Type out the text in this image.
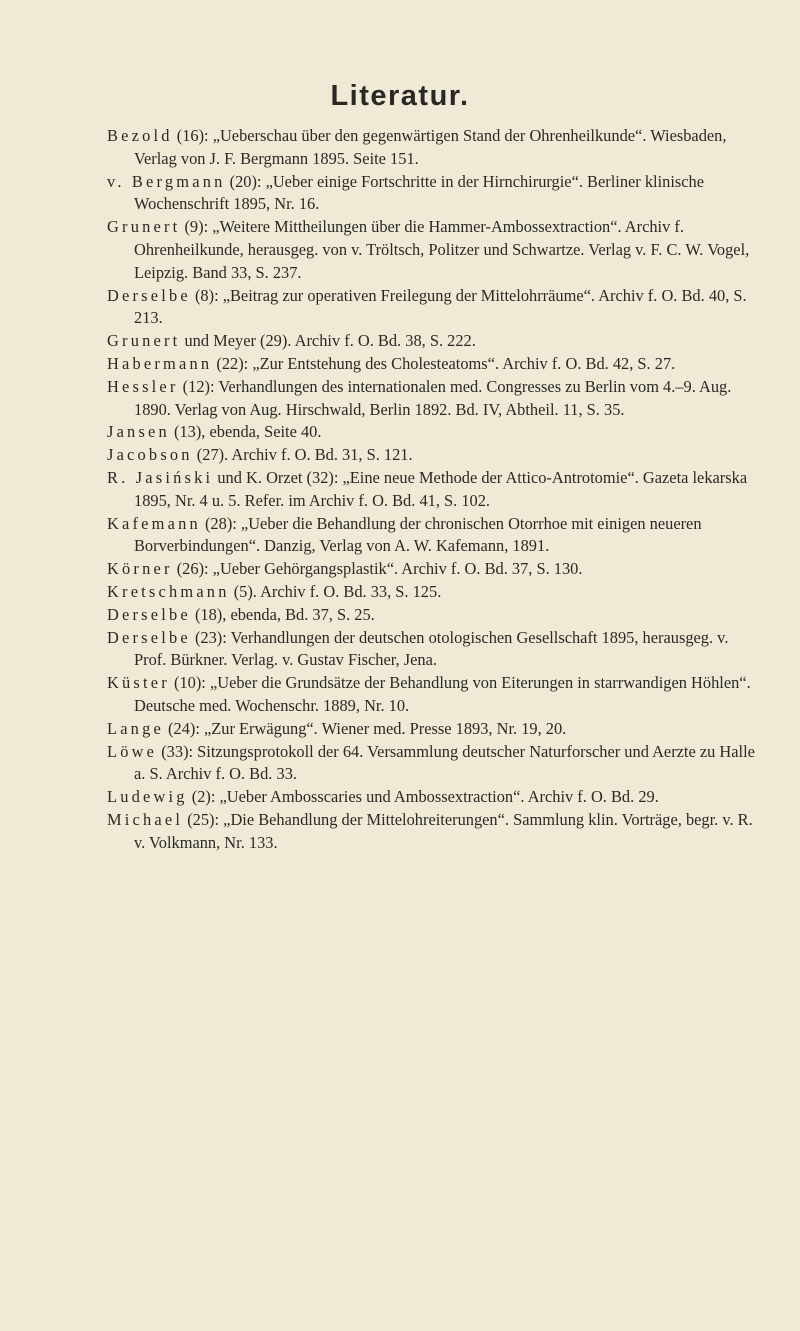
Literatur.

Bezold (16): „Ueberschau über den gegenwärtigen Stand der Ohrenheilkunde“. Wiesbaden, Verlag von J. F. Bergmann 1895. Seite 151.

v. Bergmann (20): „Ueber einige Fortschritte in der Hirnchirurgie“. Berliner klinische Wochenschrift 1895, Nr. 16.

Grunert (9): „Weitere Mittheilungen über die Hammer-Ambossextraction“. Archiv f. Ohrenheilkunde, herausgeg. von v. Tröltsch, Politzer und Schwartze. Verlag v. F. C. W. Vogel, Leipzig. Band 33, S. 237.

Derselbe (8): „Beitrag zur operativen Freilegung der Mittelohrräume“. Archiv f. O. Bd. 40, S. 213.

Grunert und Meyer (29). Archiv f. O. Bd. 38, S. 222.

Habermann (22): „Zur Entstehung des Cholesteatoms“. Archiv f. O. Bd. 42, S. 27.

Hessler (12): Verhandlungen des internationalen med. Congresses zu Berlin vom 4.–9. Aug. 1890. Verlag von Aug. Hirschwald, Berlin 1892. Bd. IV, Abtheil. 11, S. 35.

Jansen (13), ebenda, Seite 40.

Jacobson (27). Archiv f. O. Bd. 31, S. 121.

R. Jasiński und K. Orzet (32): „Eine neue Methode der Attico-Antrotomie“. Gazeta lekarska 1895, Nr. 4 u. 5. Refer. im Archiv f. O. Bd. 41, S. 102.

Kafemann (28): „Ueber die Behandlung der chronischen Otorrhoe mit einigen neueren Borverbindungen“. Danzig, Verlag von A. W. Kafemann, 1891.

Körner (26): „Ueber Gehörgangsplastik“. Archiv f. O. Bd. 37, S. 130.

Kretschmann (5). Archiv f. O. Bd. 33, S. 125.

Derselbe (18), ebenda, Bd. 37, S. 25.

Derselbe (23): Verhandlungen der deutschen otologischen Gesellschaft 1895, herausgeg. v. Prof. Bürkner. Verlag. v. Gustav Fischer, Jena.

Küster (10): „Ueber die Grundsätze der Behandlung von Eiterungen in starrwandigen Höhlen“. Deutsche med. Wochenschr. 1889, Nr. 10.

Lange (24): „Zur Erwägung“. Wiener med. Presse 1893, Nr. 19, 20.

Löwe (33): Sitzungsprotokoll der 64. Versammlung deutscher Naturforscher und Aerzte zu Halle a. S. Archiv f. O. Bd. 33.

Ludewig (2): „Ueber Ambosscaries und Ambossextraction“. Archiv f. O. Bd. 29.

Michael (25): „Die Behandlung der Mittelohreiterungen“. Sammlung klin. Vorträge, begr. v. R. v. Volkmann, Nr. 133.
